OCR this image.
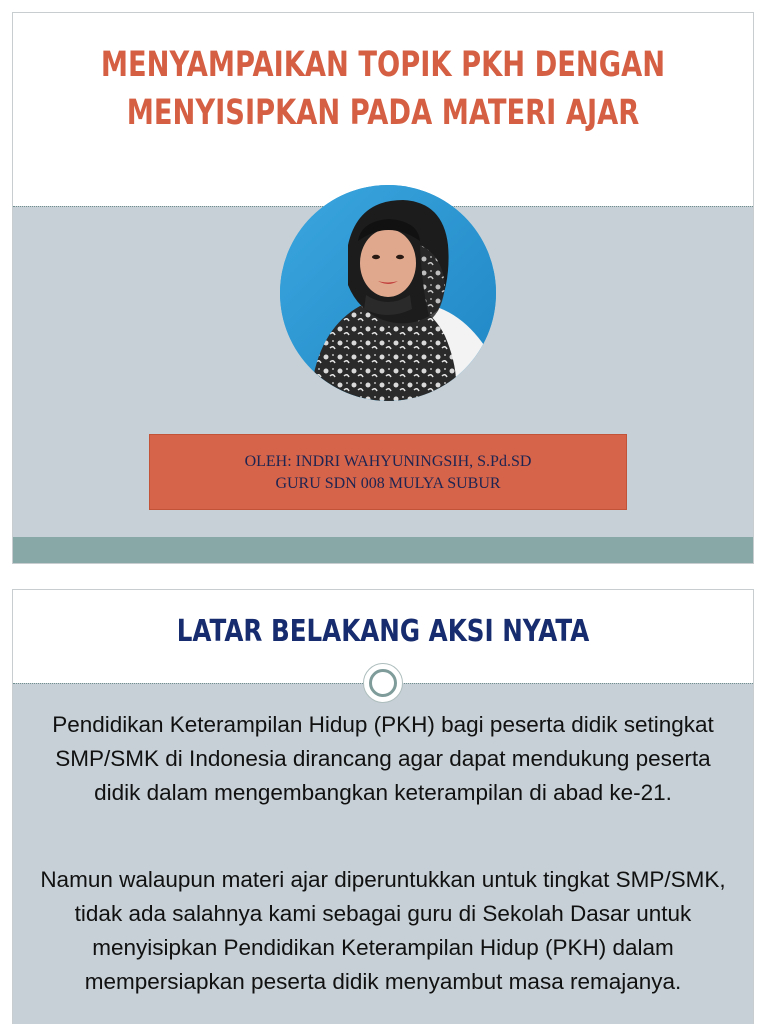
MENYAMPAIKAN TOPIK PKH DENGAN
MENYISIPKAN PADA MATERI AJAR
OLEH: INDRI WAHYUNINGSIH, S.Pd.SD
GURU SDN 008 MULYA SUBUR
LATAR BELAKANG AKSI NYATA

Pendidikan Keterampilan Hidup (PKH) bagi peserta didik setingkat SMP/SMK di Indonesia dirancang agar dapat mendukung peserta didik dalam mengembangkan keterampilan di abad ke-21.

Namun walaupun materi ajar diperuntukkan untuk tingkat SMP/SMK, tidak ada salahnya kami sebagai guru di Sekolah Dasar untuk menyisipkan Pendidikan Keterampilan Hidup (PKH) dalam mempersiapkan peserta didik menyambut masa remajanya.
